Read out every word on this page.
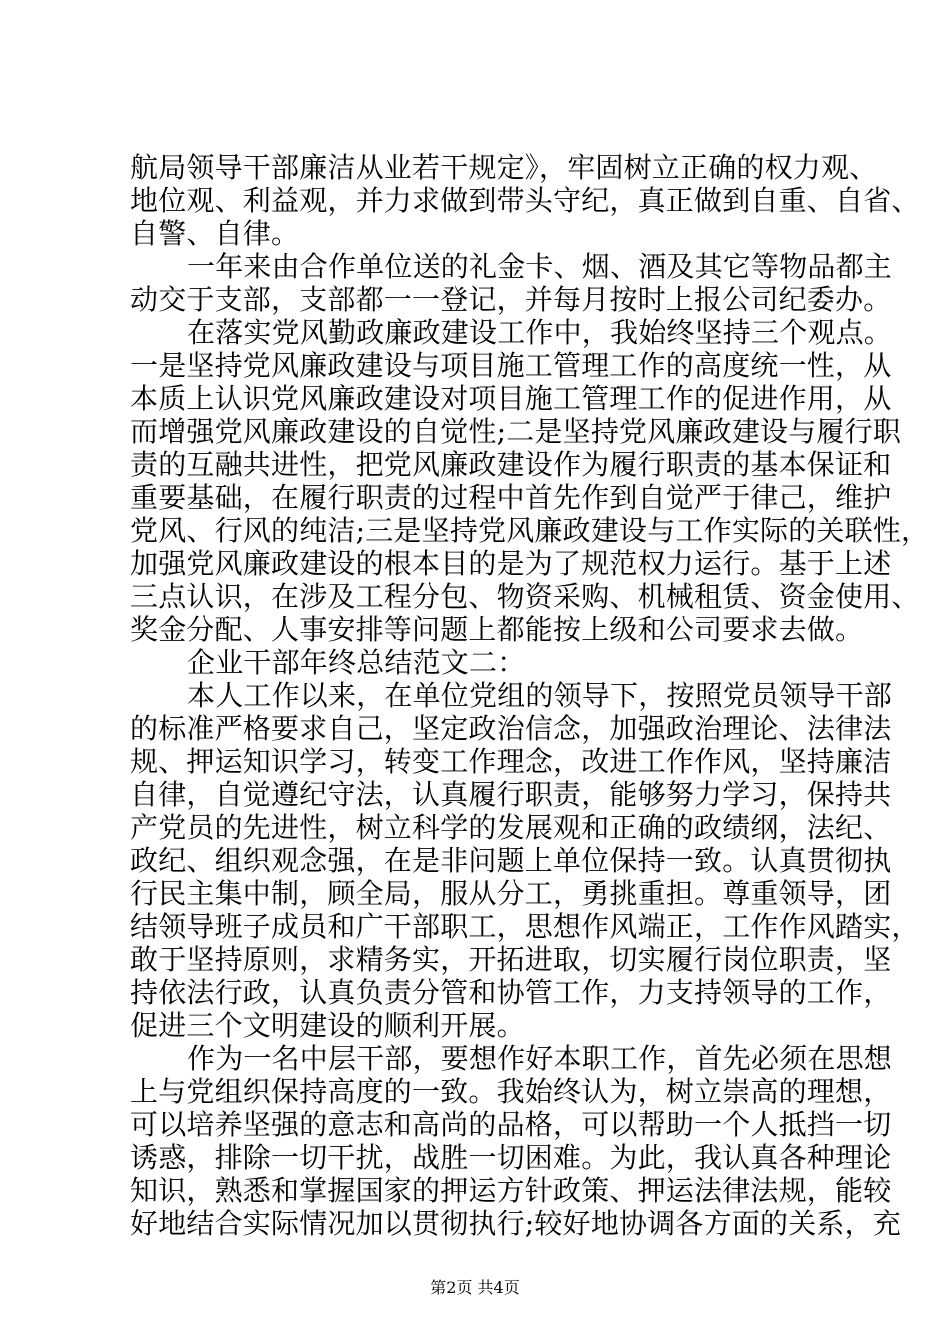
航局领导干部廉洁从业若干规定》，牢固树立正确的权力观、
地位观、利益观，并力求做到带头守纪，真正做到自重、自省、
自警、自律。
一年来由合作单位送的礼金卡、烟、酒及其它等物品都主
动交于支部，支部都一一登记，并每月按时上报公司纪委办。
在落实党风勤政廉政建设工作中，我始终坚持三个观点。
一是坚持党风廉政建设与项目施工管理工作的高度统一性，从
本质上认识党风廉政建设对项目施工管理工作的促进作用，从
而增强党风廉政建设的自觉性;二是坚持党风廉政建设与履行职
责的互融共进性，把党风廉政建设作为履行职责的基本保证和
重要基础，在履行职责的过程中首先作到自觉严于律己，维护
党风、行风的纯洁;三是坚持党风廉政建设与工作实际的关联性，
加强党风廉政建设的根本目的是为了规范权力运行。基于上述
三点认识，在涉及工程分包、物资采购、机械租赁、资金使用、
奖金分配、人事安排等问题上都能按上级和公司要求去做。
企业干部年终总结范文二：
本人工作以来，在单位党组的领导下，按照党员领导干部
的标准严格要求自己，坚定政治信念，加强政治理论、法律法
规、押运知识学习，转变工作理念，改进工作作风，坚持廉洁
自律，自觉遵纪守法，认真履行职责，能够努力学习，保持共
产党员的先进性，树立科学的发展观和正确的政绩纲，法纪、
政纪、组织观念强，在是非问题上单位保持一致。认真贯彻执
行民主集中制，顾全局，服从分工，勇挑重担。尊重领导，团
结领导班子成员和广干部职工，思想作风端正，工作作风踏实，
敢于坚持原则，求精务实，开拓进取，切实履行岗位职责，坚
持依法行政，认真负责分管和协管工作，力支持领导的工作，
促进三个文明建设的顺利开展。
作为一名中层干部，要想作好本职工作，首先必须在思想
上与党组织保持高度的一致。我始终认为，树立崇高的理想，
可以培养坚强的意志和高尚的品格，可以帮助一个人抵挡一切
诱惑，排除一切干扰，战胜一切困难。为此，我认真各种理论
知识，熟悉和掌握国家的押运方针政策、押运法律法规，能较
好地结合实际情况加以贯彻执行;较好地协调各方面的关系，充
第2页 共4页
